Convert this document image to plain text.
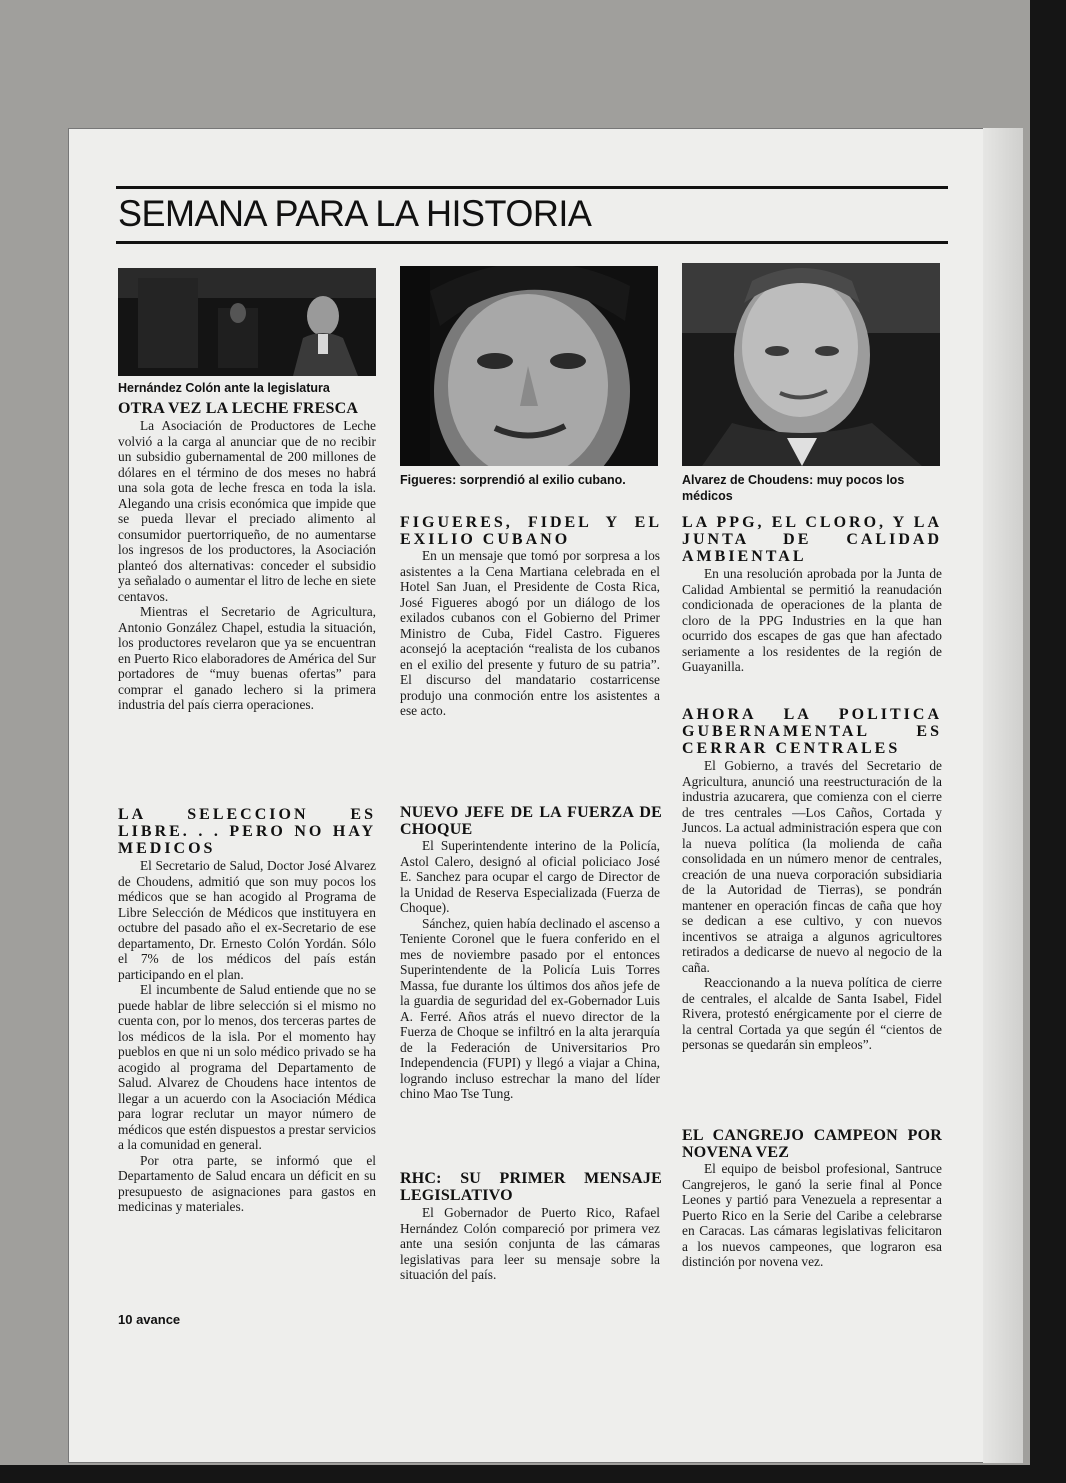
SEMANA PARA LA HISTORIA
Hernández Colón ante la legislatura
Figueres: sorprendió al exilio cubano.	Alvarez de Choudens: muy pocos los médicos
OTRA VEZ LA LECHE FRESCA

La Asociación de Productores de Leche volvió a la carga al anunciar que de no recibir un subsidio gubernamental de 200 millones de dólares en el término de dos meses no habrá una sola gota de leche fresca en toda la isla. Alegando una crisis económica que impide que se pueda llevar el preciado alimento al consumidor puertorriqueño, de no aumentarse los ingresos de los productores, la Asociación planteó dos alternativas: conceder el subsidio ya señalado o aumentar el litro de leche en siete centavos.

Mientras el Secretario de Agricultura, Antonio González Chapel, estudia la situación, los productores revelaron que ya se encuentran en Puerto Rico elaboradores de América del Sur portadores de “muy buenas ofertas” para comprar el ganado lechero si la primera industria del país cierra operaciones.

LA SELECCION ES LIBRE. . . PERO NO HAY MEDICOS

El Secretario de Salud, Doctor José Alvarez de Choudens, admitió que son muy pocos los médicos que se han acogido al Programa de Libre Selección de Médicos que instituyera en octubre del pasado año el ex-Secretario de ese departamento, Dr. Ernesto Colón Yordán. Sólo el 7% de los médicos del país están participando en el plan.

El incumbente de Salud entiende que no se puede hablar de libre selección si el mismo no cuenta con, por lo menos, dos terceras partes de los médicos de la isla. Por el momento hay pueblos en que ni un solo médico privado se ha acogido al programa del Departamento de Salud. Alvarez de Choudens hace intentos de llegar a un acuerdo con la Asociación Médica para lograr reclutar un mayor número de médicos que estén dispuestos a prestar servicios a la comunidad en general.

Por otra parte, se informó que el Departamento de Salud encara un déficit en su presupuesto de asignaciones para gastos en medicinas y materiales.

FIGUERES, FIDEL Y EL EXILIO CUBANO

En un mensaje que tomó por sorpresa a los asistentes a la Cena Martiana celebrada en el Hotel San Juan, el Presidente de Costa Rica, José Figueres abogó por un diálogo de los exilados cubanos con el Gobierno del Primer Ministro de Cuba, Fidel Castro. Figueres aconsejó la aceptación “realista de los cubanos en el exilio del presente y futuro de su patria”. El discurso del mandatario costarricense produjo una conmoción entre los asistentes a ese acto.

NUEVO JEFE DE LA FUERZA DE CHOQUE

El Superintendente interino de la Policía, Astol Calero, designó al oficial policiaco José E. Sanchez para ocupar el cargo de Director de la Unidad de Reserva Especializada (Fuerza de Choque).

Sánchez, quien había declinado el ascenso a Teniente Coronel que le fuera conferido en el mes de noviembre pasado por el entonces Superintendente de la Policía Luis Torres Massa, fue durante los últimos dos años jefe de la guardia de seguridad del ex-Gobernador Luis A. Ferré. Años atrás el nuevo director de la Fuerza de Choque se infiltró en la alta jerarquía de la Federación de Universitarios Pro Independencia (FUPI) y llegó a viajar a China, logrando incluso estrechar la mano del líder chino Mao Tse Tung.

RHC: SU PRIMER MENSAJE LEGISLATIVO

El Gobernador de Puerto Rico, Rafael Hernández Colón compareció por primera vez ante una sesión conjunta de las cámaras legislativas para leer su mensaje sobre la situación del país.

LA PPG, EL CLORO, Y LA JUNTA DE CALIDAD AMBIENTAL

En una resolución aprobada por la Junta de Calidad Ambiental se permitió la reanudación condicionada de operaciones de la planta de cloro de la PPG Industries en la que han ocurrido dos escapes de gas que han afectado seriamente a los residentes de la región de Guayanilla.

AHORA LA POLITICA GUBERNAMENTAL ES CERRAR CENTRALES

El Gobierno, a través del Secretario de Agricultura, anunció una reestructuración de la industria azucarera, que comienza con el cierre de tres centrales —Los Caños, Cortada y Juncos. La actual administración espera que con la nueva política (la molienda de caña consolidada en un número menor de centrales, creación de una nueva corporación subsidiaria de la Autoridad de Tierras), se pondrán mantener en operación fincas de caña que hoy se dedican a ese cultivo, y con nuevos incentivos se atraiga a algunos agricultores retirados a dedicarse de nuevo al negocio de la caña.

Reaccionando a la nueva política de cierre de centrales, el alcalde de Santa Isabel, Fidel Rivera, protestó enérgicamente por el cierre de la central Cortada ya que según él “cientos de personas se quedarán sin empleos”.

EL CANGREJO CAMPEON POR NOVENA VEZ

El equipo de beisbol profesional, Santruce Cangrejeros, le ganó la serie final al Ponce Leones y partió para Venezuela a representar a Puerto Rico en la Serie del Caribe a celebrarse en Caracas. Las cámaras legislativas felicitaron a los nuevos campeones, que lograron esa distinción por novena vez.

10 avance
